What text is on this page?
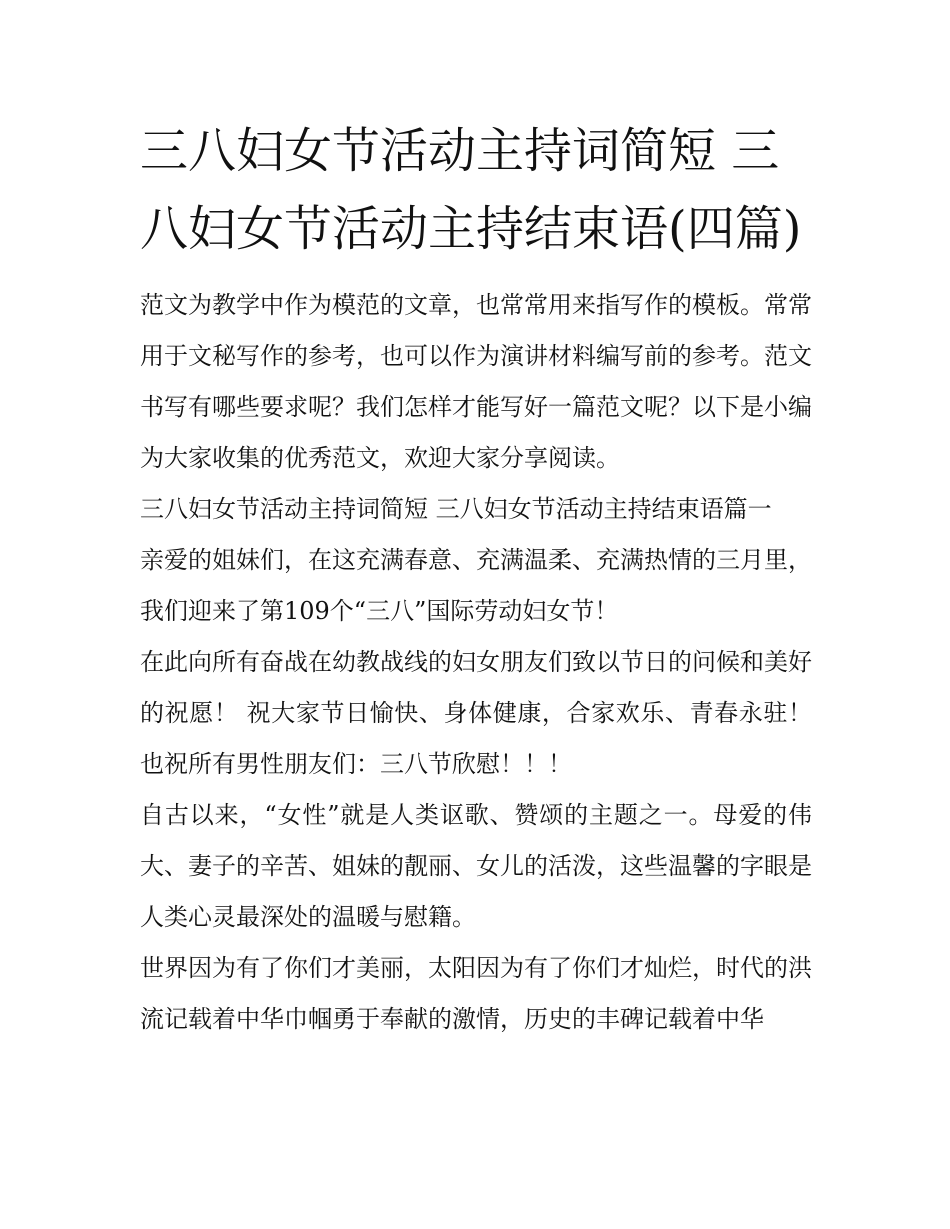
三八妇女节活动主持词简短 三八妇女节活动主持结束语(四篇)

范文为教学中作为模范的文章，也常常用来指写作的模板。常常用于文秘写作的参考，也可以作为演讲材料编写前的参考。范文书写有哪些要求呢？我们怎样才能写好一篇范文呢？以下是小编为大家收集的优秀范文，欢迎大家分享阅读。

三八妇女节活动主持词简短 三八妇女节活动主持结束语篇一

亲爱的姐妹们，在这充满春意、充满温柔、充满热情的三月里，我们迎来了第109个“三八”国际劳动妇女节！

在此向所有奋战在幼教战线的妇女朋友们致以节日的问候和美好的祝愿！ 祝大家节日愉快、身体健康，合家欢乐、青春永驻！ 也祝所有男性朋友们：三八节欣慰！！！

自古以来，“女性”就是人类讴歌、赞颂的主题之一。母爱的伟大、妻子的辛苦、姐妹的靓丽、女儿的活泼，这些温馨的字眼是人类心灵最深处的温暖与慰籍。

世界因为有了你们才美丽，太阳因为有了你们才灿烂，时代的洪流记载着中华巾帼勇于奉献的激情，历史的丰碑记载着中华
